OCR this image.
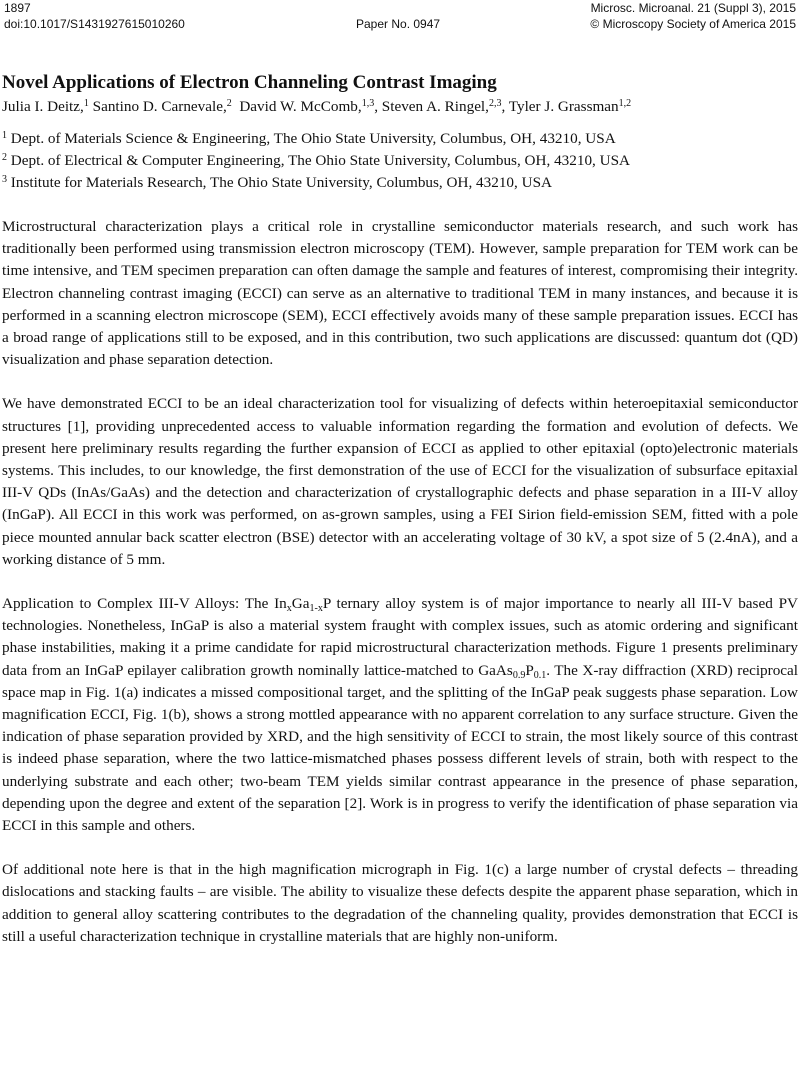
1897	Microsc. Microanal. 21 (Suppl 3), 2015
doi:10.1017/S1431927615010260	© Microscopy Society of America 2015
Paper No. 0947
Novel Applications of Electron Channeling Contrast Imaging
Julia I. Deitz,$^1$ Santino D. Carnevale,$^2$ David W. McComb,$^{1,3}$, Steven A. Ringel,$^{2,3}$, Tyler J. Grassman$^{1,2}$
$^1$ Dept. of Materials Science & Engineering, The Ohio State University, Columbus, OH, 43210, USA
$^2$ Dept. of Electrical & Computer Engineering, The Ohio State University, Columbus, OH, 43210, USA
$^3$ Institute for Materials Research, The Ohio State University, Columbus, OH, 43210, USA

Microstructural characterization plays a critical role in crystalline semiconductor materials research, and such work has traditionally been performed using transmission electron microscopy (TEM). However, sample preparation for TEM work can be time intensive, and TEM specimen preparation can often damage the sample and features of interest, compromising their integrity. Electron channeling contrast imaging (ECCI) can serve as an alternative to traditional TEM in many instances, and because it is performed in a scanning electron microscope (SEM), ECCI effectively avoids many of these sample preparation issues. ECCI has a broad range of applications still to be exposed, and in this contribution, two such applications are discussed: quantum dot (QD) visualization and phase separation detection.

We have demonstrated ECCI to be an ideal characterization tool for visualizing of defects within heteroepitaxial semiconductor structures [1], providing unprecedented access to valuable information regarding the formation and evolution of defects. We present here preliminary results regarding the further expansion of ECCI as applied to other epitaxial (opto)electronic materials systems. This includes, to our knowledge, the first demonstration of the use of ECCI for the visualization of subsurface epitaxial III-V QDs (InAs/GaAs) and the detection and characterization of crystallographic defects and phase separation in a III-V alloy (InGaP). All ECCI in this work was performed, on as-grown samples, using a FEI Sirion field-emission SEM, fitted with a pole piece mounted annular back scatter electron (BSE) detector with an accelerating voltage of 30 kV, a spot size of 5 (2.4nA), and a working distance of 5 mm.

Application to Complex III-V Alloys: The $In_xGa_{1-x}P$ ternary alloy system is of major importance to nearly all III-V based PV technologies. Nonetheless, InGaP is also a material system fraught with complex issues, such as atomic ordering and significant phase instabilities, making it a prime candidate for rapid microstructural characterization methods. Figure 1 presents preliminary data from an InGaP epilayer calibration growth nominally lattice-matched to $GaAs_{0.9}P_{0.1}$. The X-ray diffraction (XRD) reciprocal space map in Fig. 1(a) indicates a missed compositional target, and the splitting of the InGaP peak suggests phase separation. Low magnification ECCI, Fig. 1(b), shows a strong mottled appearance with no apparent correlation to any surface structure. Given the indication of phase separation provided by XRD, and the high sensitivity of ECCI to strain, the most likely source of this contrast is indeed phase separation, where the two lattice-mismatched phases possess different levels of strain, both with respect to the underlying substrate and each other; two-beam TEM yields similar contrast appearance in the presence of phase separation, depending upon the degree and extent of the separation [2]. Work is in progress to verify the identification of phase separation via ECCI in this sample and others.

Of additional note here is that in the high magnification micrograph in Fig. 1(c) a large number of crystal defects – threading dislocations and stacking faults – are visible. The ability to visualize these defects despite the apparent phase separation, which in addition to general alloy scattering contributes to the degradation of the channeling quality, provides demonstration that ECCI is still a useful characterization technique in crystalline materials that are highly non-uniform.
